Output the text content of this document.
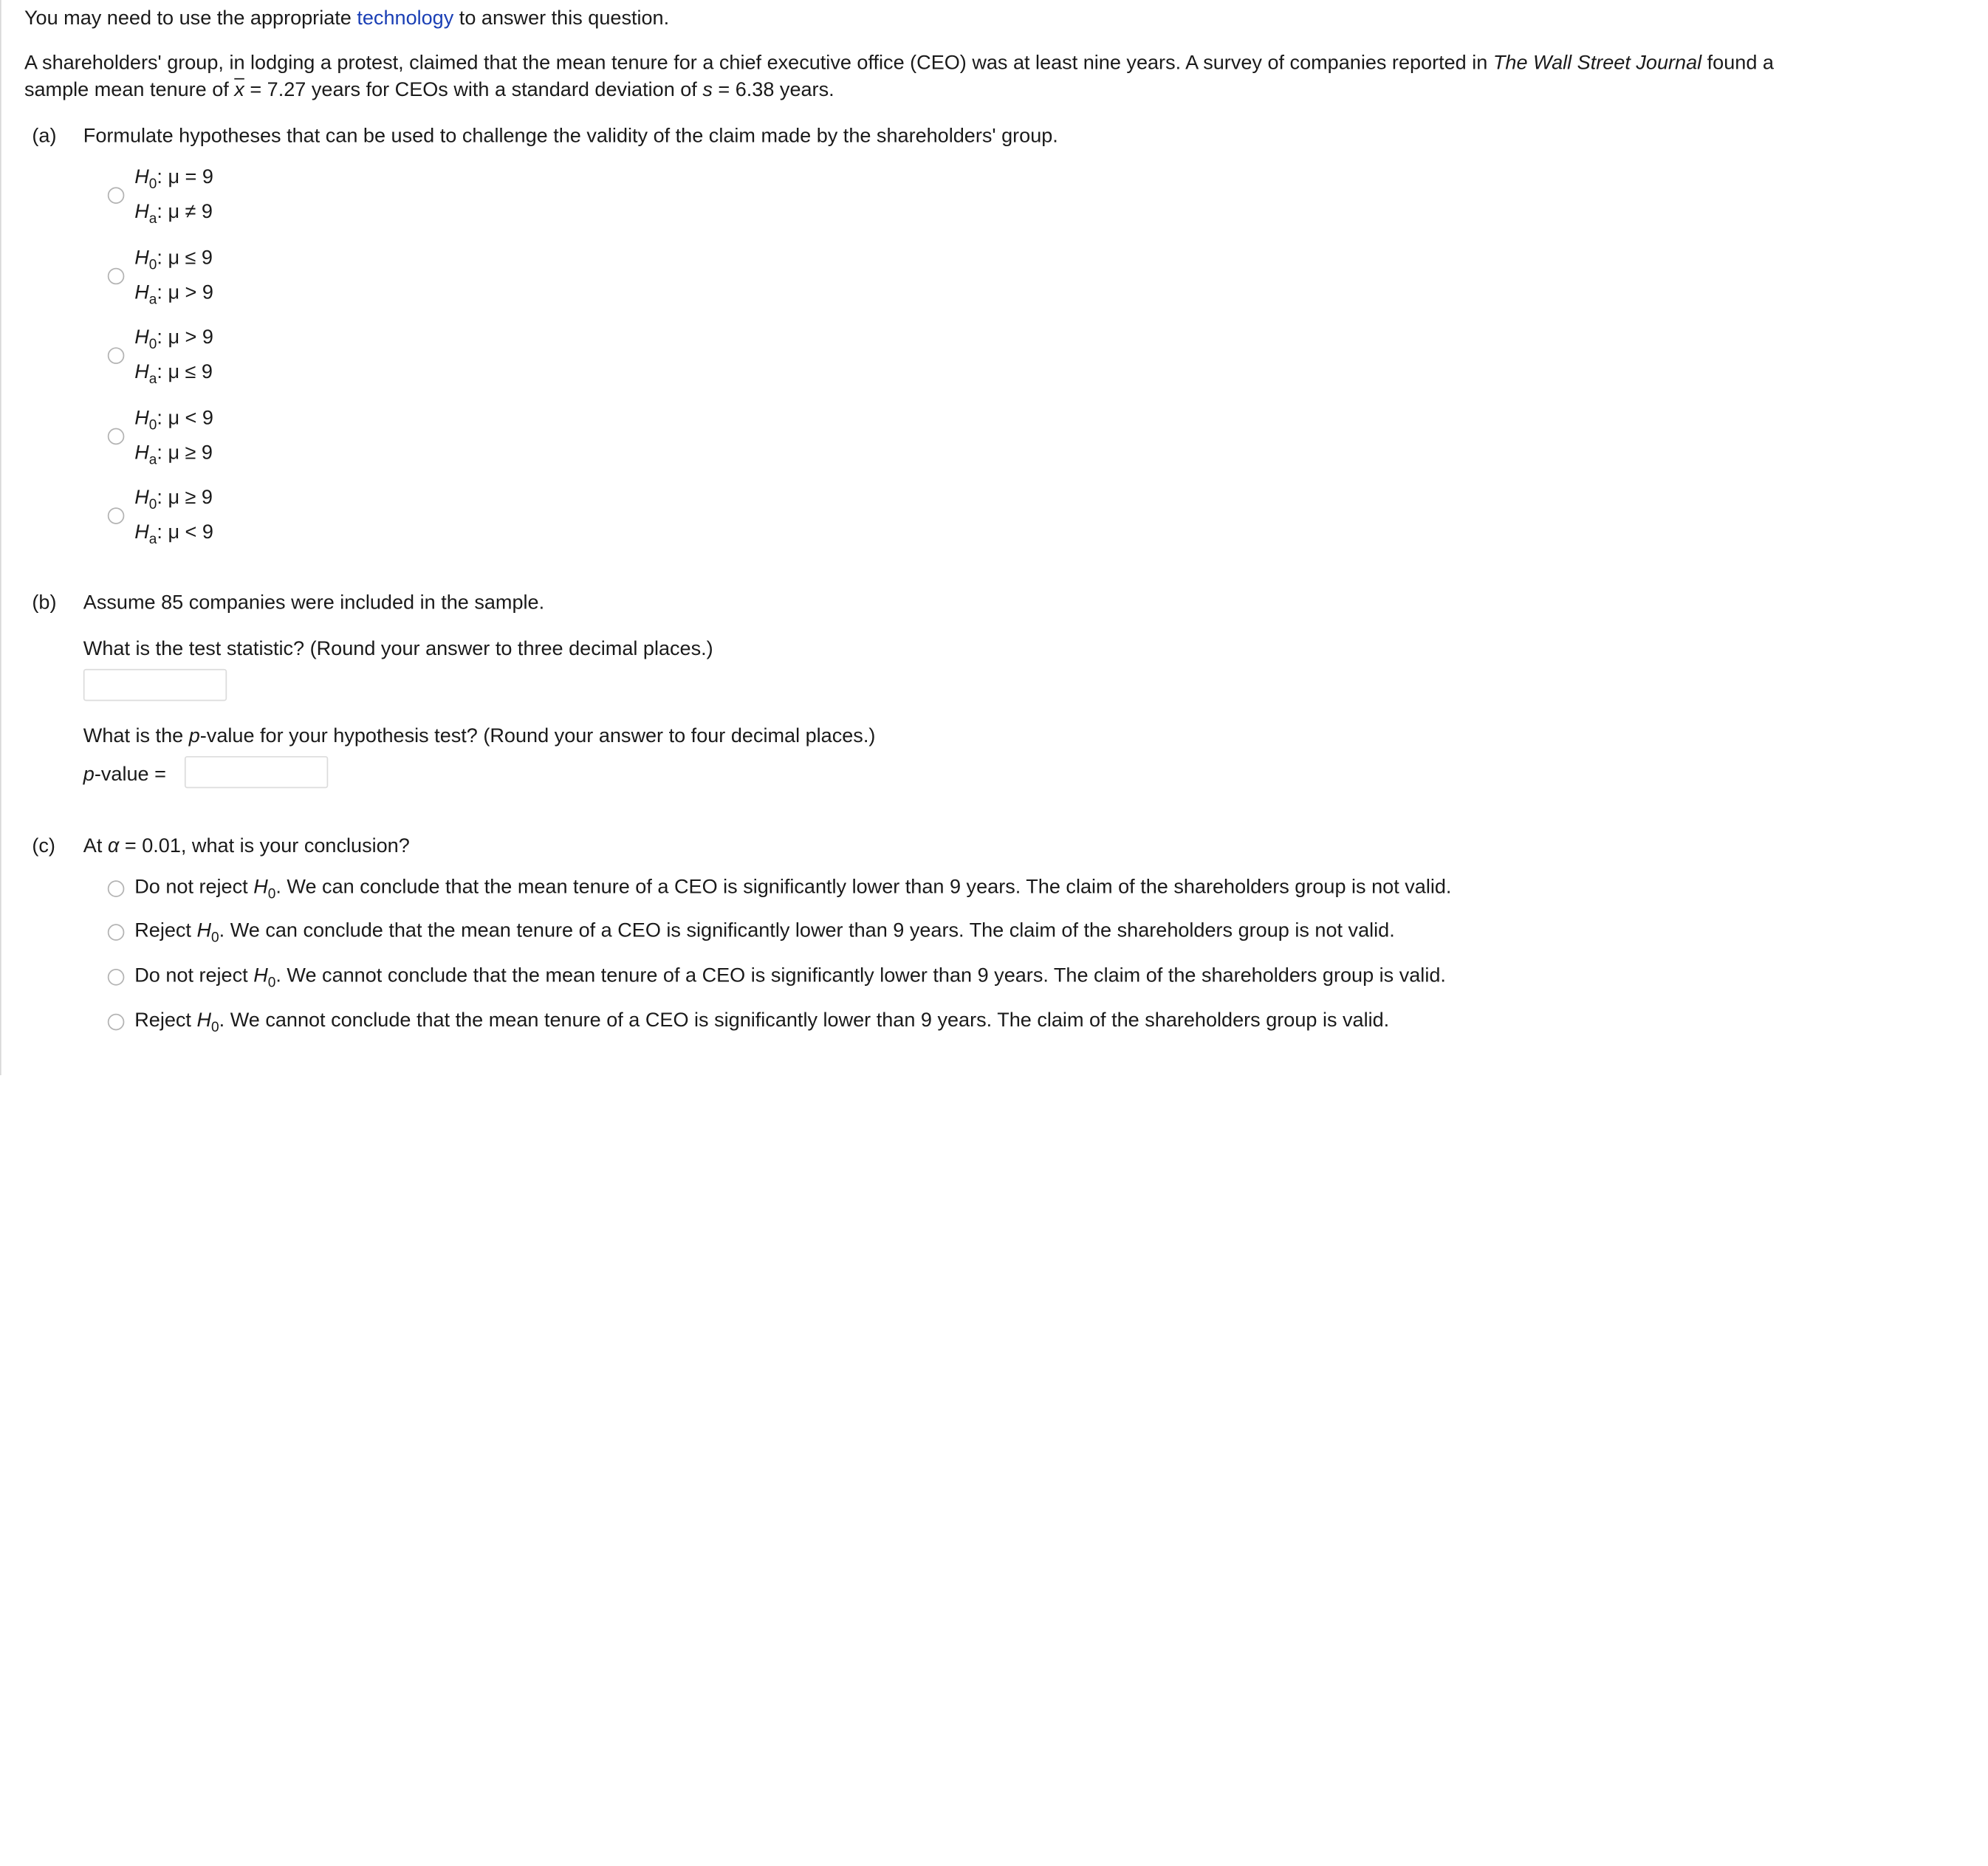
You may need to use the appropriate technology to answer this question.

A shareholders' group, in lodging a protest, claimed that the mean tenure for a chief executive office (CEO) was at least nine years. A survey of companies reported in The Wall Street Journal found a

sample mean tenure of $\overline{x} = 7.27$ years for CEOs with a standard deviation of s = 6.38 years.

(a) Formulate hypotheses that can be used to challenge the validity of the claim made by the shareholders' group.
$H_0$: μ = 9
$H_a$: μ ≠ 9
$H_0$: μ ≤ 9
$H_a$: μ > 9
$H_0$: μ > 9
$H_a$: μ ≤ 9
$H_0$: μ < 9
$H_a$: μ ≥ 9
$H_0$: μ ≥ 9
$H_a$: μ < 9
(b) Assume 85 companies were included in the sample.
What is the test statistic? (Round your answer to three decimal places.)
What is the p-value for your hypothesis test? (Round your answer to four decimal places.)
p-value =
(c) At α = 0.01, what is your conclusion?
Do not reject $H_0$. We can conclude that the mean tenure of a CEO is significantly lower than 9 years. The claim of the shareholders group is not valid.
Reject $H_0$. We can conclude that the mean tenure of a CEO is significantly lower than 9 years. The claim of the shareholders group is not valid.
Do not reject $H_0$. We cannot conclude that the mean tenure of a CEO is significantly lower than 9 years. The claim of the shareholders group is valid.
Reject $H_0$. We cannot conclude that the mean tenure of a CEO is significantly lower than 9 years. The claim of the shareholders group is valid.
